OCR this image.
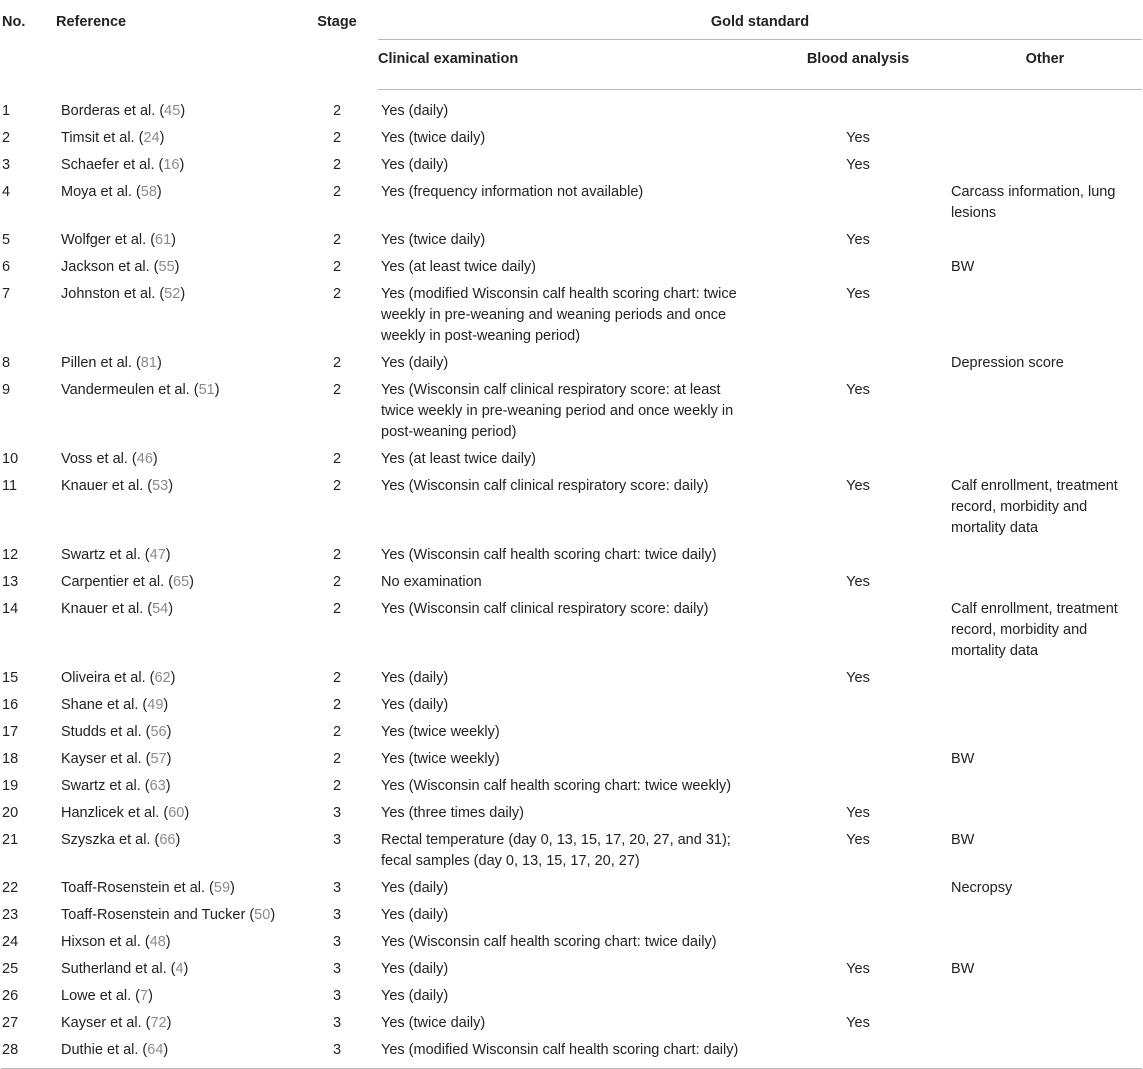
No.	Reference	Stage	Gold standard		
			Clinical examination	Blood analysis	Other
1	Borderas et al. (45)	2	Yes (daily)		
2	Timsit et al. (24)	2	Yes (twice daily)	Yes	
3	Schaefer et al. (16)	2	Yes (daily)	Yes	
4	Moya et al. (58)	2	Yes (frequency information not available)		Carcass information, lung lesions
5	Wolfger et al. (61)	2	Yes (twice daily)	Yes	
6	Jackson et al. (55)	2	Yes (at least twice daily)		BW
7	Johnston et al. (52)	2	Yes (modified Wisconsin calf health scoring chart: twice weekly in pre-weaning and weaning periods and once weekly in post-weaning period)	Yes	
8	Pillen et al. (81)	2	Yes (daily)		Depression score
9	Vandermeulen et al. (51)	2	Yes (Wisconsin calf clinical respiratory score: at least twice weekly in pre-weaning period and once weekly in post-weaning period)	Yes	
10	Voss et al. (46)	2	Yes (at least twice daily)		
11	Knauer et al. (53)	2	Yes (Wisconsin calf clinical respiratory score: daily)	Yes	Calf enrollment, treatment record, morbidity and mortality data
12	Swartz et al. (47)	2	Yes (Wisconsin calf health scoring chart: twice daily)		
13	Carpentier et al. (65)	2	No examination	Yes	
14	Knauer et al. (54)	2	Yes (Wisconsin calf clinical respiratory score: daily)		Calf enrollment, treatment record, morbidity and mortality data
15	Oliveira et al. (62)	2	Yes (daily)	Yes	
16	Shane et al. (49)	2	Yes (daily)		
17	Studds et al. (56)	2	Yes (twice weekly)		
18	Kayser et al. (57)	2	Yes (twice weekly)		BW
19	Swartz et al. (63)	2	Yes (Wisconsin calf health scoring chart: twice weekly)		
20	Hanzlicek et al. (60)	3	Yes (three times daily)	Yes	
21	Szyszka et al. (66)	3	Rectal temperature (day 0, 13, 15, 17, 20, 27, and 31); fecal samples (day 0, 13, 15, 17, 20, 27)	Yes	BW
22	Toaff-Rosenstein et al. (59)	3	Yes (daily)		Necropsy
23	Toaff-Rosenstein and Tucker (50)	3	Yes (daily)		
24	Hixson et al. (48)	3	Yes (Wisconsin calf health scoring chart: twice daily)		
25	Sutherland et al. (4)	3	Yes (daily)	Yes	BW
26	Lowe et al. (7)	3	Yes (daily)		
27	Kayser et al. (72)	3	Yes (twice daily)	Yes	
28	Duthie et al. (64)	3	Yes (modified Wisconsin calf health scoring chart: daily)		
